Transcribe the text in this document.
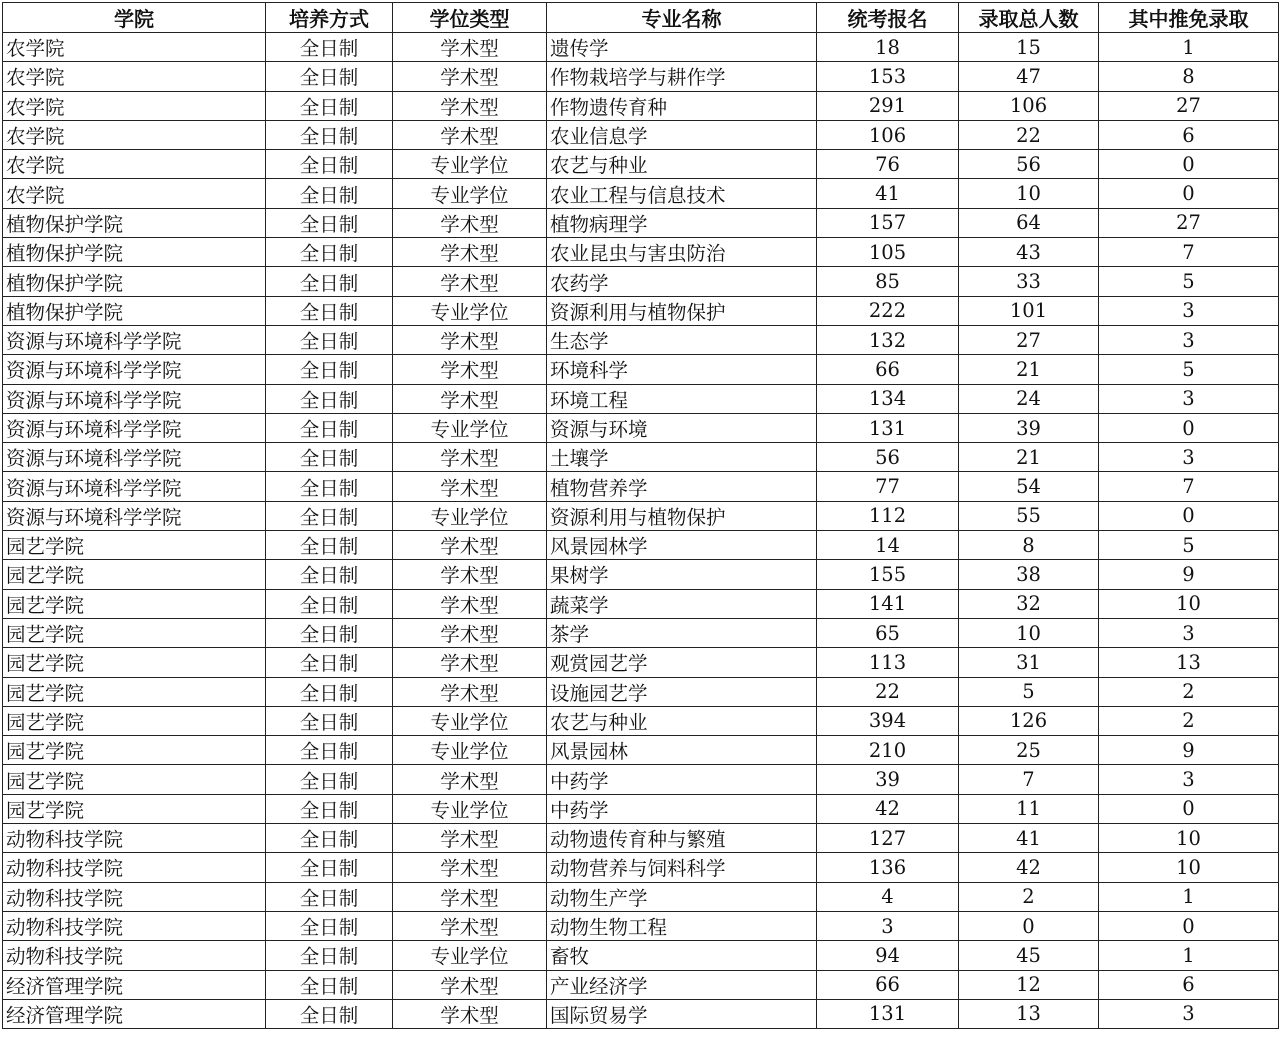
学院	培养方式	学位类型	专业名称	统考报名	录取总人数	其中推免录取
农学院	全日制	学术型	遗传学	18	15	1
农学院	全日制	学术型	作物栽培学与耕作学	153	47	8
农学院	全日制	学术型	作物遗传育种	291	106	27
农学院	全日制	学术型	农业信息学	106	22	6
农学院	全日制	专业学位	农艺与种业	76	56	0
农学院	全日制	专业学位	农业工程与信息技术	41	10	0
植物保护学院	全日制	学术型	植物病理学	157	64	27
植物保护学院	全日制	学术型	农业昆虫与害虫防治	105	43	7
植物保护学院	全日制	学术型	农药学	85	33	5
植物保护学院	全日制	专业学位	资源利用与植物保护	222	101	3
资源与环境科学学院	全日制	学术型	生态学	132	27	3
资源与环境科学学院	全日制	学术型	环境科学	66	21	5
资源与环境科学学院	全日制	学术型	环境工程	134	24	3
资源与环境科学学院	全日制	专业学位	资源与环境	131	39	0
资源与环境科学学院	全日制	学术型	土壤学	56	21	3
资源与环境科学学院	全日制	学术型	植物营养学	77	54	7
资源与环境科学学院	全日制	专业学位	资源利用与植物保护	112	55	0
园艺学院	全日制	学术型	风景园林学	14	8	5
园艺学院	全日制	学术型	果树学	155	38	9
园艺学院	全日制	学术型	蔬菜学	141	32	10
园艺学院	全日制	学术型	茶学	65	10	3
园艺学院	全日制	学术型	观赏园艺学	113	31	13
园艺学院	全日制	学术型	设施园艺学	22	5	2
园艺学院	全日制	专业学位	农艺与种业	394	126	2
园艺学院	全日制	专业学位	风景园林	210	25	9
园艺学院	全日制	学术型	中药学	39	7	3
园艺学院	全日制	专业学位	中药学	42	11	0
动物科技学院	全日制	学术型	动物遗传育种与繁殖	127	41	10
动物科技学院	全日制	学术型	动物营养与饲料科学	136	42	10
动物科技学院	全日制	学术型	动物生产学	4	2	1
动物科技学院	全日制	学术型	动物生物工程	3	0	0
动物科技学院	全日制	专业学位	畜牧	94	45	1
经济管理学院	全日制	学术型	产业经济学	66	12	6
经济管理学院	全日制	学术型	国际贸易学	131	13	3
